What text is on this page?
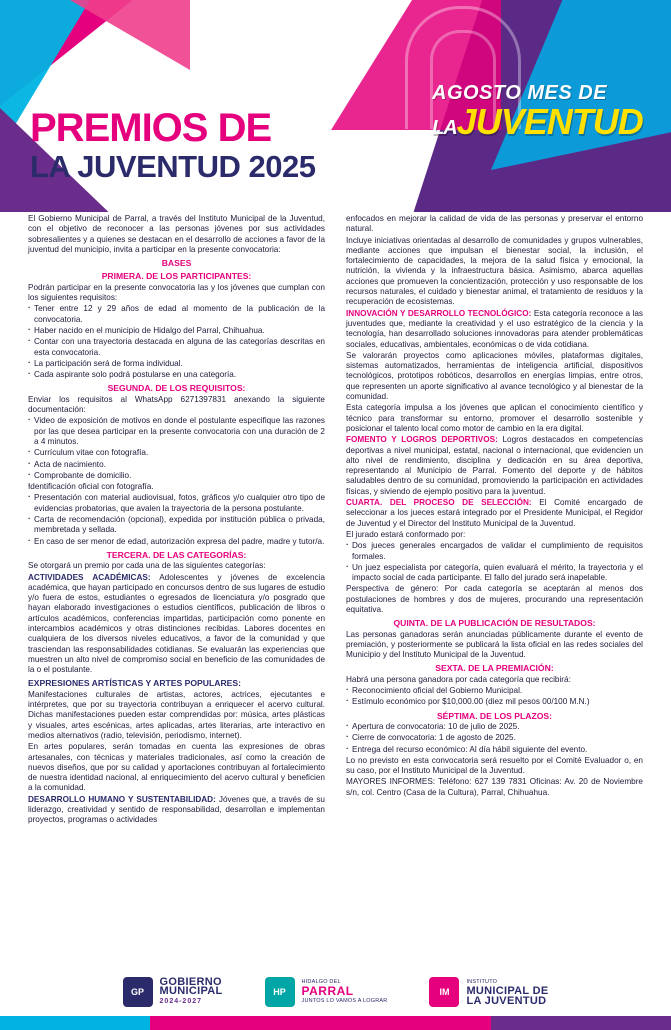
AGOSTO MES DE
LAJUVENTUD
PREMIOS DE
LA JUVENTUD 2025

El Gobierno Municipal de Parral, a través del Instituto Municipal de la Juventud, con el objetivo de reconocer a las personas jóvenes por sus actividades sobresalientes y a quienes se destacan en el desarrollo de acciones a favor de la juventud del municipio, invita a participar en la presente convocatoria:

BASES
PRIMERA. DE LOS PARTICIPANTES:

Podrán participar en la presente convocatoria las y los jóvenes que cumplan con los siguientes requisitos:

· Tener entre 12 y 29 años de edad al momento de la publicación de la convocatoria.
· Haber nacido en el municipio de Hidalgo del Parral, Chihuahua.
· Contar con una trayectoria destacada en alguna de las categorías descritas en esta convocatoria.
· La participación será de forma individual.
· Cada aspirante solo podrá postularse en una categoría.
SEGUNDA. DE LOS REQUISITOS:

Enviar los requisitos al WhatsApp 6271397831 anexando la siguiente documentación:

· Video de exposición de motivos en donde el postulante especifique las razones por las que desea participar en la presente convocatoria con una duración de 2 a 4 minutos.
· Currículum vitae con fotografía.
· Acta de nacimiento.
· Comprobante de domicilio.
· Identificación oficial con fotografía.
· Presentación con material audiovisual, fotos, gráficos y/o cualquier otro tipo de evidencias probatorias, que avalen la trayectoria de la persona postulante.
· Carta de recomendación (opcional), expedida por institución pública o privada, membretada y sellada.
· En caso de ser menor de edad, autorización expresa del padre, madre y tutor/a.
TERCERA. DE LAS CATEGORÍAS:

Se otorgará un premio por cada una de las siguientes categorías:

ACTIVIDADES ACADÉMICAS: Adolescentes y jóvenes de excelencia académica, que hayan participado en concursos dentro de sus lugares de estudio y/o fuera de estos, estudiantes o egresados de licenciatura y/o posgrado que hayan elaborado investigaciones o estudios científicos, publicación de libros o artículos académicos, conferencias impartidas, participación como ponente en intercambios académicos y otras distinciones recibidas. Labores docentes en cualquiera de los diversos niveles educativos, a favor de la comunidad y que trasciendan las responsabilidades cotidianas. Se evaluarán las experiencias que muestren un alto nivel de compromiso social en beneficio de las comunidades de la o el postulante.

EXPRESIONES ARTÍSTICAS Y ARTES POPULARES:

Manifestaciones culturales de artistas, actores, actrices, ejecutantes e intérpretes, que por su trayectoria contribuyan a enriquecer el acervo cultural. Dichas manifestaciones pueden estar comprendidas por: música, artes plásticas y visuales, artes escénicas, artes aplicadas, artes literarias, arte interactivo en medios alternativos (radio, televisión, periodismo, internet).

En artes populares, serán tomadas en cuenta las expresiones de obras artesanales, con técnicas y materiales tradicionales, así como la creación de nuevos diseños, que por su calidad y aportaciones contribuyan al fortalecimiento de nuestra identidad nacional, al enriquecimiento del acervo cultural y beneficien a la comunidad.

DESARROLLO HUMANO Y SUSTENTABILIDAD: Jóvenes que, a través de su liderazgo, creatividad y sentido de responsabilidad, desarrollan e implementan proyectos, programas o actividades

enfocados en mejorar la calidad de vida de las personas y preservar el entorno natural.

Incluye iniciativas orientadas al desarrollo de comunidades y grupos vulnerables, mediante acciones que impulsan el bienestar social, la inclusión, el fortalecimiento de capacidades, la mejora de la salud física y emocional, la nutrición, la vivienda y la infraestructura básica. Asimismo, abarca aquellas acciones que promueven la concientización, protección y uso responsable de los recursos naturales, el cuidado y bienestar animal, el tratamiento de residuos y la recuperación de ecosistemas.

INNOVACIÓN Y DESARROLLO TECNOLÓGICO: Esta categoría reconoce a las juventudes que, mediante la creatividad y el uso estratégico de la ciencia y la tecnología, han desarrollado soluciones innovadoras para atender problemáticas sociales, educativas, ambientales, económicas o de vida cotidiana.

Se valorarán proyectos como aplicaciones móviles, plataformas digitales, sistemas automatizados, herramientas de inteligencia artificial, dispositivos tecnológicos, prototipos robóticos, desarrollos en energías limpias, entre otros, que representen un aporte significativo al avance tecnológico y al bienestar de la comunidad.

Esta categoría impulsa a los jóvenes que aplican el conocimiento científico y técnico para transformar su entorno, promover el desarrollo sostenible y posicionar el talento local como motor de cambio en la era digital.

FOMENTO Y LOGROS DEPORTIVOS: Logros destacados en competencias deportivas a nivel municipal, estatal, nacional o internacional, que evidencien un alto nivel de rendimiento, disciplina y dedicación en su área deportiva, representando al Municipio de Parral. Fomento del deporte y de hábitos saludables dentro de su comunidad, promoviendo la participación en actividades físicas, y siviendo de ejemplo positivo para la juventud.

CUARTA. DEL PROCESO DE SELECCIÓN: El Comité encargado de seleccionar a los jueces estará integrado por el Presidente Municipal, el Regidor de Juventud y el Director del Instituto Municipal de la Juventud.

El jurado estará conformado por:

· Dos jueces generales encargados de validar el cumplimiento de requisitos formales.
· Un juez especialista por categoría, quien evaluará el mérito, la trayectoria y el impacto social de cada participante. El fallo del jurado será inapelable.

Perspectiva de género: Por cada categoría se aceptarán al menos dos postulaciones de hombres y dos de mujeres, procurando una representación equitativa.

QUINTA. DE LA PUBLICACIÓN DE RESULTADOS:

Las personas ganadoras serán anunciadas públicamente durante el evento de premiación, y posteriormente se publicará la lista oficial en las redes sociales del Municipio y del Instituto Municipal de la Juventud.

SEXTA. DE LA PREMIACIÓN:

Habrá una persona ganadora por cada categoría que recibirá:

· Reconocimiento oficial del Gobierno Municipal.
· Estímulo económico por $10,000.00 (diez mil pesos 00/100 M.N.)
SÉPTIMA. DE LOS PLAZOS:
· Apertura de convocatoria: 10 de julio de 2025.
· Cierre de convocatoria: 1 de agosto de 2025.
· Entrega del recurso económico: Al día hábil siguiente del evento.

Lo no previsto en esta convocatoria será resuelto por el Comité Evaluador o, en su caso, por el Instituto Municipal de la Juventud.

MAYORES INFORMES: Teléfono: 627 139 7831 Oficinas: Av. 20 de Noviembre s/n, col. Centro (Casa de la Cultura), Parral, Chihuahua.

GP
GOBIERNO
MUNICIPAL
2024-2027
HP
HIDALGO DEL
PARRAL
JUNTOS LO VAMOS A LOGRAR
IM
INSTITUTO
MUNICIPAL DE
LA JUVENTUD
